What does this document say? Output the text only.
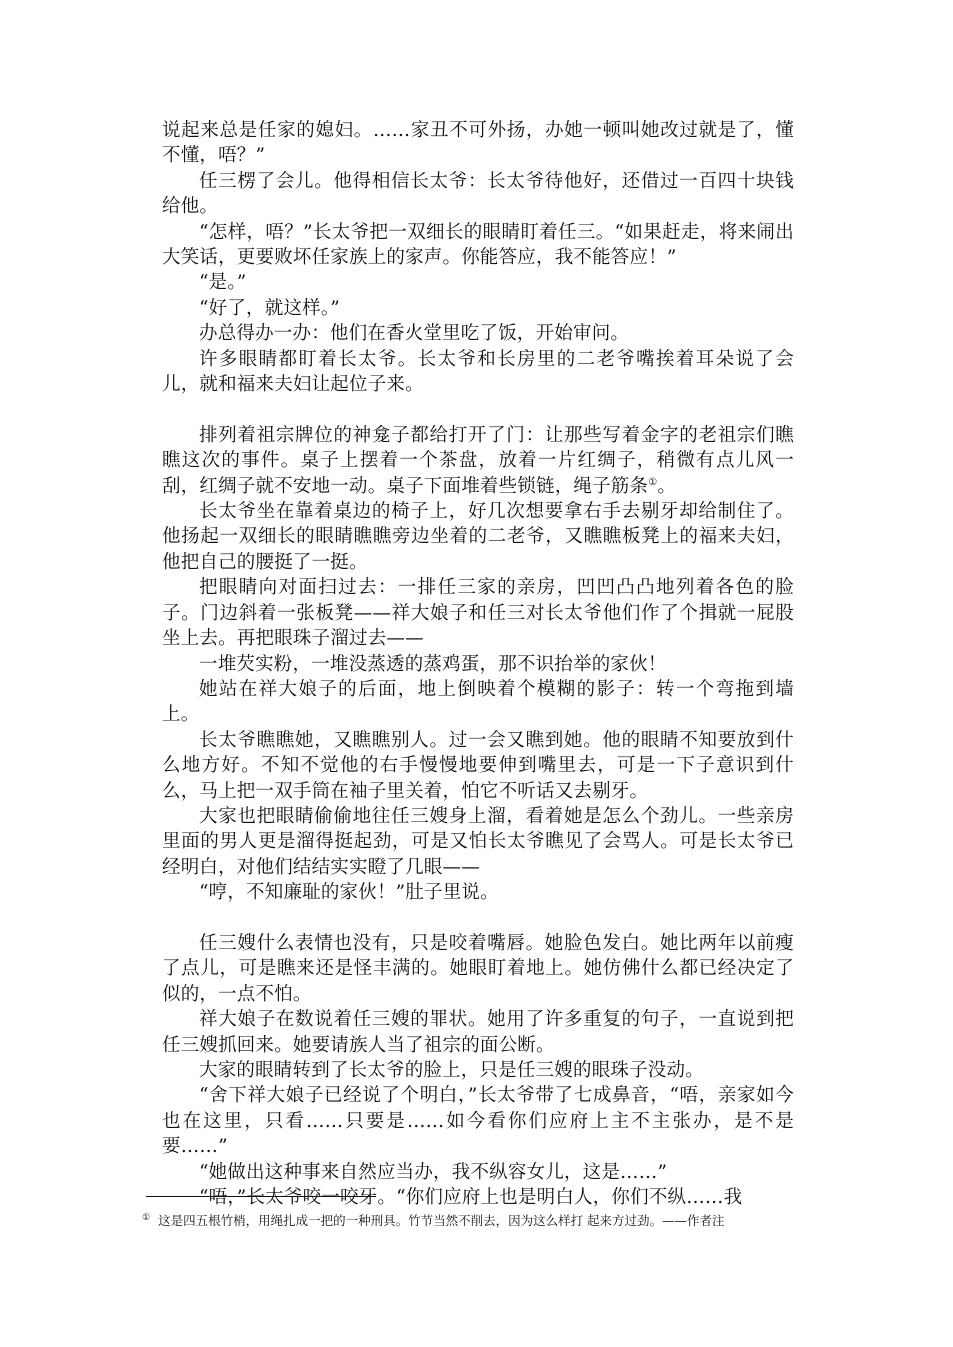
说起来总是任家的媳妇。……家丑不可外扬，办她一顿叫她改过就是了，懂不懂，唔？”

任三楞了会儿。他得相信长太爷：长太爷待他好，还借过一百四十块钱给他。

“怎样，唔？”长太爷把一双细长的眼睛盯着任三。“如果赶走，将来闹出大笑话，更要败坏任家族上的家声。你能答应，我不能答应！”

“是。”

“好了，就这样。”

办总得办一办：他们在香火堂里吃了饭，开始审问。

许多眼睛都盯着长太爷。长太爷和长房里的二老爷嘴挨着耳朵说了会儿，就和福来夫妇让起位子来。

排列着祖宗牌位的神龛子都给打开了门：让那些写着金字的老祖宗们瞧瞧这次的事件。桌子上摆着一个茶盘，放着一片红绸子，稍微有点儿风一刮，红绸子就不安地一动。桌子下面堆着些锁链，绳子筋条①。

长太爷坐在靠着桌边的椅子上，好几次想要拿右手去剔牙却给制住了。他扬起一双细长的眼睛瞧瞧旁边坐着的二老爷，又瞧瞧板凳上的福来夫妇，他把自己的腰挺了一挺。

把眼睛向对面扫过去：一排任三家的亲房，凹凹凸凸地列着各色的脸子。门边斜着一张板凳——祥大娘子和任三对长太爷他们作了个揖就一屁股坐上去。再把眼珠子溜过去——

一堆芡实粉，一堆没蒸透的蒸鸡蛋，那不识抬举的家伙！

她站在祥大娘子的后面，地上倒映着个模糊的影子：转一个弯拖到墙上。

长太爷瞧瞧她，又瞧瞧别人。过一会又瞧到她。他的眼睛不知要放到什么地方好。不知不觉他的右手慢慢地要伸到嘴里去，可是一下子意识到什么，马上把一双手筒在袖子里关着，怕它不听话又去剔牙。

大家也把眼睛偷偷地往任三嫂身上溜，看着她是怎么个劲儿。一些亲房里面的男人更是溜得挺起劲，可是又怕长太爷瞧见了会骂人。可是长太爷已经明白，对他们结结实实瞪了几眼——

“哼，不知廉耻的家伙！”肚子里说。

任三嫂什么表情也没有，只是咬着嘴唇。她脸色发白。她比两年以前瘦了点儿，可是瞧来还是怪丰满的。她眼盯着地上。她仿佛什么都已经决定了似的，一点不怕。

祥大娘子在数说着任三嫂的罪状。她用了许多重复的句子，一直说到把任三嫂抓回来。她要请族人当了祖宗的面公断。

大家的眼睛转到了长太爷的脸上，只是任三嫂的眼珠子没动。

“舍下祥大娘子已经说了个明白，”长太爷带了七成鼻音，“唔，亲家如今也在这里，只看……只要是……如今看你们应府上主不主张办，是不是要……”

“她做出这种事来自然应当办，我不纵容女儿，这是……”

“唔，”长太爷咬一咬牙。“你们应府上也是明白人，你们不纵……我

① 这是四五根竹梢，用绳扎成一把的一种刑具。竹节当然不削去，因为这么样打 起来方过劲。——作者注
